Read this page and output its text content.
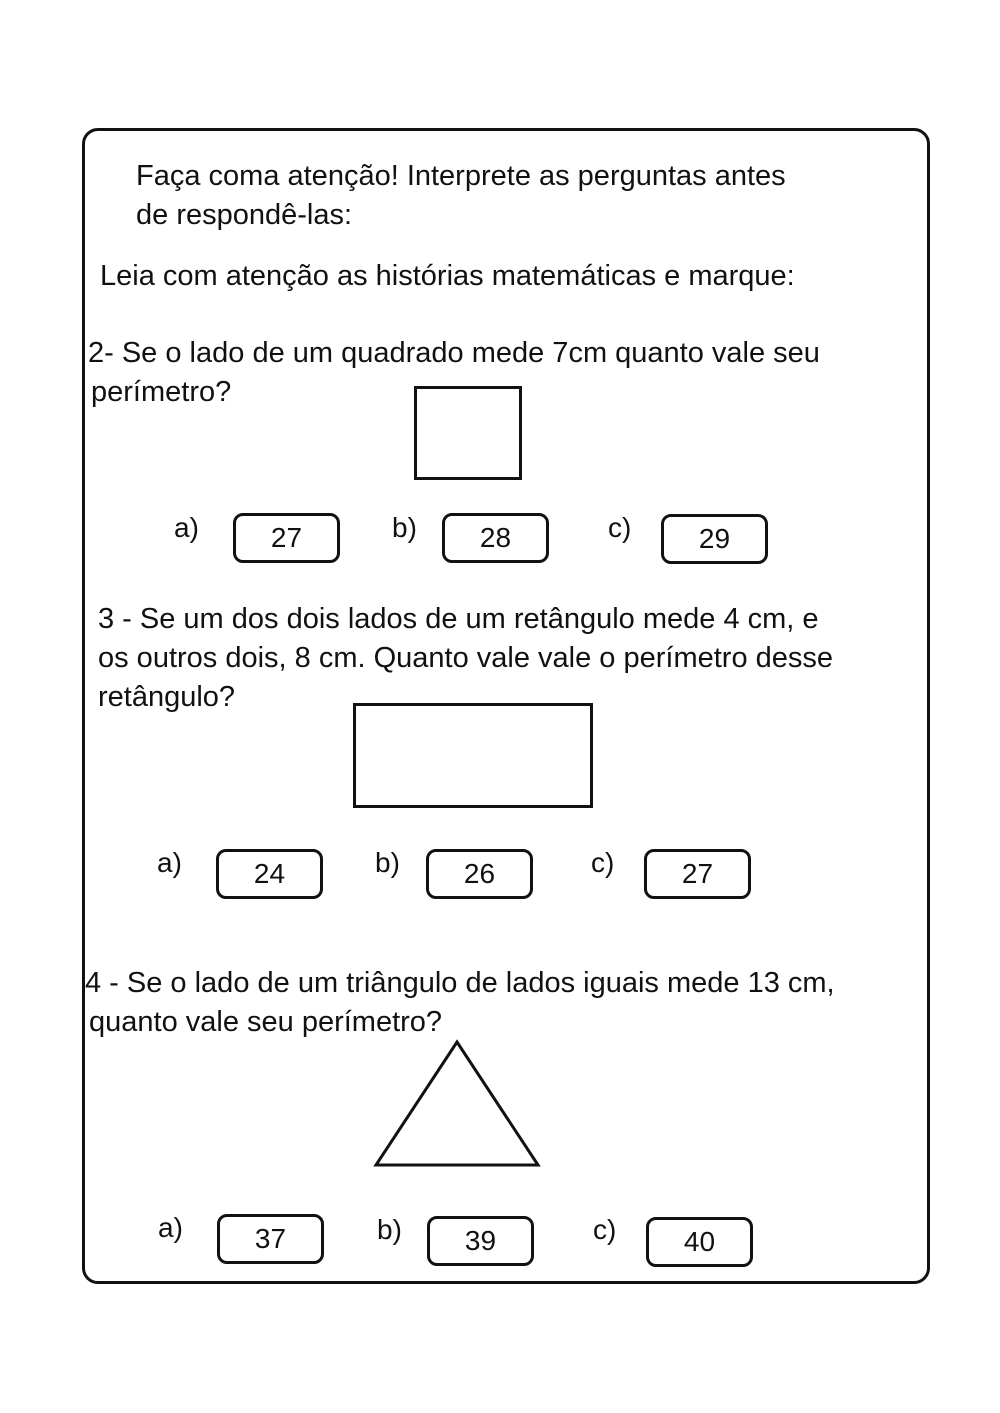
Faça coma atenção! Interprete as perguntas antes

de respondê-las:

Leia com atenção as histórias matemáticas e marque:

2- Se o lado de um quadrado mede 7cm quanto vale seu

perímetro?

a)	27	b)	28	c)	29

3 - Se um dos dois lados de um retângulo mede 4 cm, e

os outros dois, 8 cm. Quanto vale vale o perímetro desse

retângulo?

a)	24	b)	26	c)	27

4 - Se o lado de um triângulo de lados iguais mede 13 cm,

quanto vale seu perímetro?

a)	37	b)	39	c)	40
